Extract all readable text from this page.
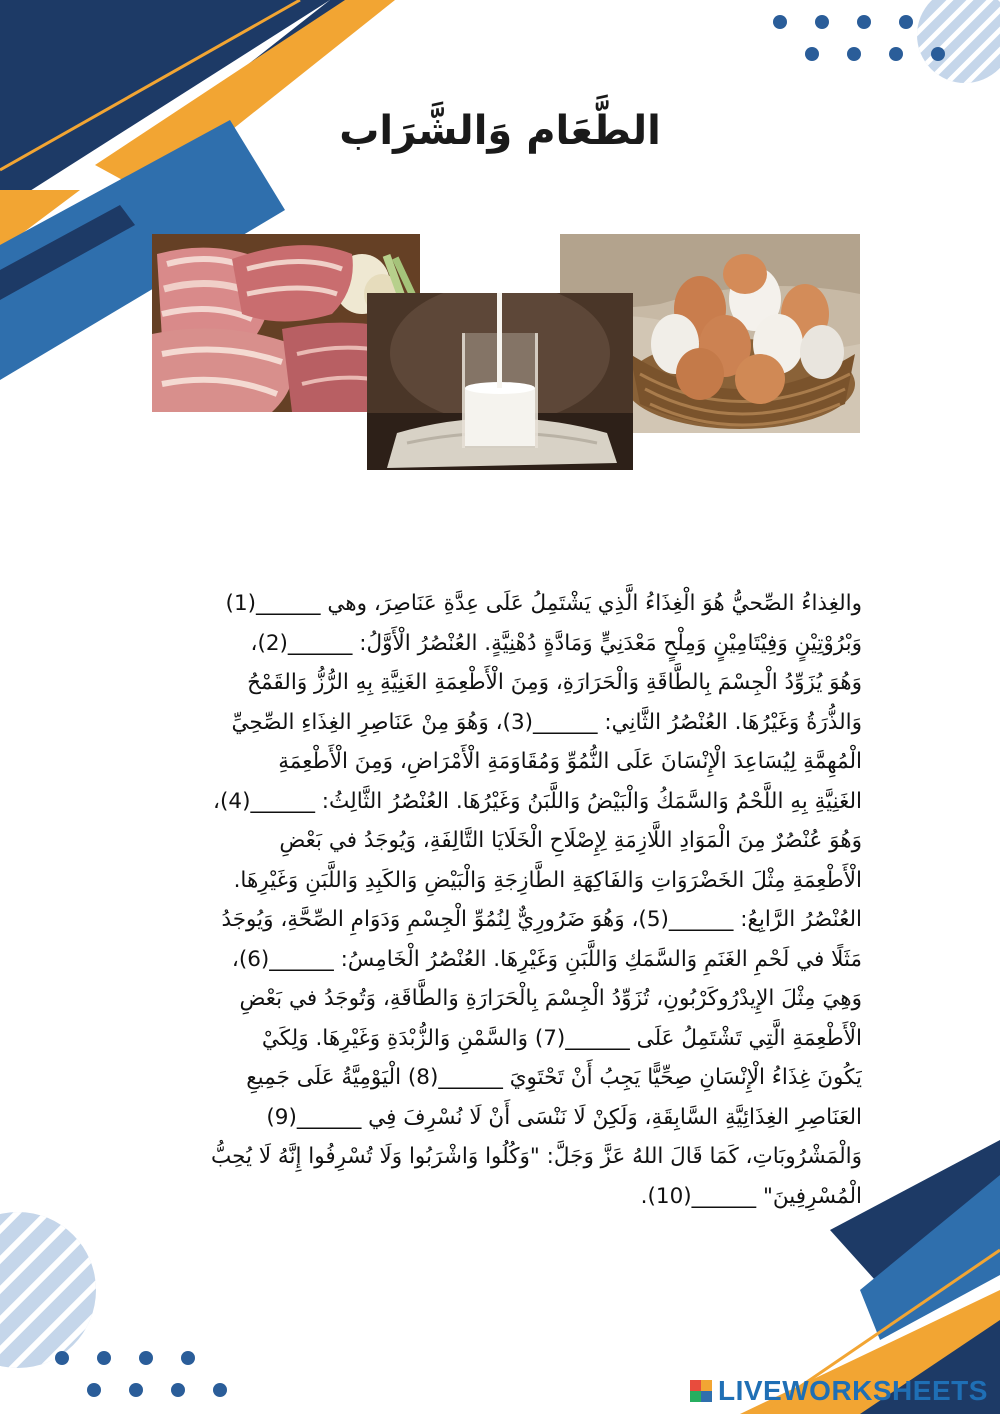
الطَّعَام وَالشَّرَاب
والغِذاءُ الصِّحيُّ هُوَ الْغِذَاءُ الَّذِي يَشْتَمِلُ عَلَى عِدَّةِ عَنَاصِرَ، وهي ______(1)
وَبْرُوْتِيْنٍ وَفِيْتَامِيْنٍ وَمِلْحٍ مَعْدَنِيٍّ وَمَادَّةٍ دُهْنِيَّةٍ. العُنْصُرُ الْأَوَّلُ: ______(2)،
وَهُوَ يُزَوِّدُ الْجِسْمَ بِالطَّاقَةِ وَالْحَرَارَةِ، وَمِنَ الْأَطْعِمَةِ الغَنِيَّةِ بِهِ الرُّزُّ وَالقَمْحُ
وَالذُّرَةُ وَغَيْرُهَا. العُنْصُرُ الثَّانِي: ______(3)، وَهُوَ مِنْ عَنَاصِرِ الغِذَاءِ الصِّحِيِّ
الْمُهِمَّةِ لِيُسَاعِدَ الْإِنْسَانَ عَلَى النُّمُوِّ وَمُقَاوَمَةِ الْأَمْرَاضِ، وَمِنَ الْأَطْعِمَةِ
الغَنِيَّةِ بِهِ اللَّحْمُ وَالسَّمَكُ وَالْبَيْضُ وَاللَّبَنُ وَغَيْرُهَا. العُنْصُرُ الثَّالِثُ: ______(4)،
وَهُوَ عُنْصُرٌ مِنَ الْمَوَادِ اللَّازِمَةِ لِإِصْلَاحِ الْخَلَايَا التَّالِفَةِ، وَيُوجَدُ في بَعْضِ
الْأَطْعِمَةِ مِثْلَ الخَضْرَوَاتِ وَالفَاكِهَةِ الطَّازِجَةِ وَالْبَيْضِ وَالكَبِدِ وَاللَّبَنِ وَغَيْرِهَا.
العُنْصُرُ الرَّابِعُ: ______(5)، وَهُوَ ضَرُورِيٌّ لِنُمُوِّ الْجِسْمِ وَدَوَامِ الصِّحَّةِ، وَيُوجَدُ
مَثَلًا في لَحْمِ الغَنَمِ وَالسَّمَكِ وَاللَّبَنِ وَغَيْرِهَا. العُنْصُرُ الْخَامِسُ: ______(6)،
وَهِيَ مِثْلَ الإِيدْرُوكَرْبُونِ، تُزَوِّدُ الْجِسْمَ بِالْحَرَارَةِ وَالطَّاقَةِ، وَتُوجَدُ في بَعْضِ
الْأَطْعِمَةِ الَّتِي تَشْتَمِلُ عَلَى ______(7) وَالسَّمْنِ وَالزُّبْدَةِ وَغَيْرِهَا. وَلِكَيْ
يَكُونَ غِذَاءُ الْإِنْسَانِ صِحِّيًّا يَجِبُ أَنْ تَحْتَوِيَ ______(8) الْيَوْمِيَّةُ عَلَى جَمِيعِ
العَنَاصِرِ الغِذَائِيَّةِ السَّابِقَةِ، وَلَكِنْ لَا نَنْسَى أَنْ لَا نُسْرِفَ فِي ______(9)
وَالْمَشْرُوبَاتِ، كَمَا قَالَ اللهُ عَزَّ وَجَلَّ: "وَكُلُوا وَاشْرَبُوا وَلَا تُسْرِفُوا إِنَّهُ لَا يُحِبُّ
الْمُسْرِفِينَ" ______(10).
LIVEWORKSHEETS
